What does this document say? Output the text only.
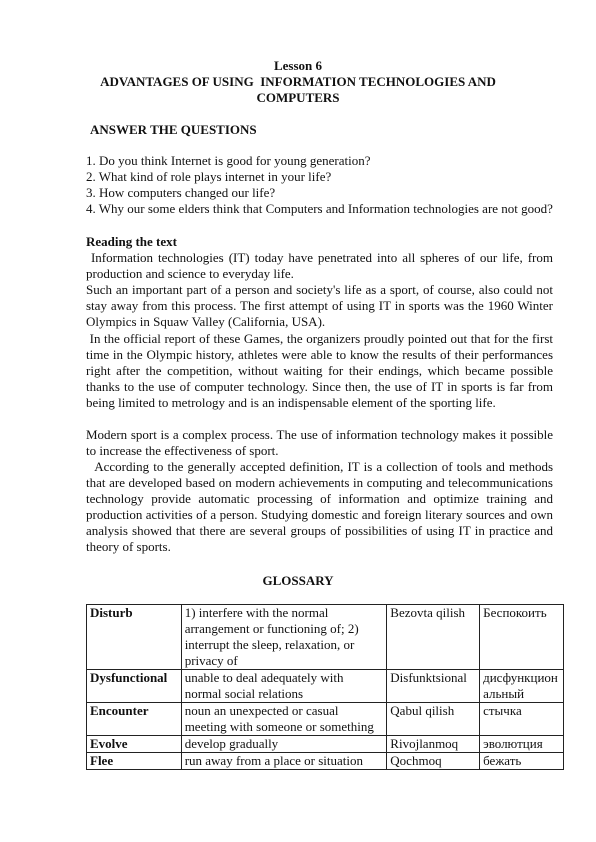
Lesson 6
ADVANTAGES OF USING  INFORMATION TECHNOLOGIES AND
COMPUTERS
ANSWER THE QUESTIONS
1. Do you think Internet is good for young generation?
2. What kind of role plays internet in your life?
3. How computers changed our life?
4. Why our some elders think that Computers and Information technologies are not good?
Reading the text

Information technologies (IT) today have penetrated into all spheres of our life, from production and science to everyday life.

Such an important part of a person and society's life as a sport, of course, also could not stay away from this process. The first attempt of using IT in sports was the 1960 Winter Olympics in Squaw Valley (California, USA).

In the official report of these Games, the organizers proudly pointed out that for the first time in the Olympic history, athletes were able to know the results of their performances right after the competition, without waiting for their endings, which became possible thanks to the use of computer technology. Since then, the use of IT in sports is far from being limited to metrology and is an indispensable element of the sporting life.

Modern sport is a complex process. The use of information technology makes it possible to increase the effectiveness of sport.

According to the generally accepted definition, IT is a collection of tools and methods that are developed based on modern achievements in computing and telecommunications technology provide automatic processing of information and optimize training and production activities of a person. Studying domestic and foreign literary sources and own analysis showed that there are several groups of possibilities of using IT in practice and theory of sports.

GLOSSARY
Disturb	1) interfere with the normal arrangement or functioning of; 2) interrupt the sleep, relaxation, or privacy of	Bezovta qilish	Беспокоить
Dysfunctional	unable to deal adequately with normal social relations	Disfunktsional	дисфункциональный
Encounter	noun an unexpected or casual meeting with someone or something	Qabul qilish	стычка
Evolve	develop gradually	Rivojlanmoq	эволютция
Flee	run away from a place or situation	Qochmoq	бежать
